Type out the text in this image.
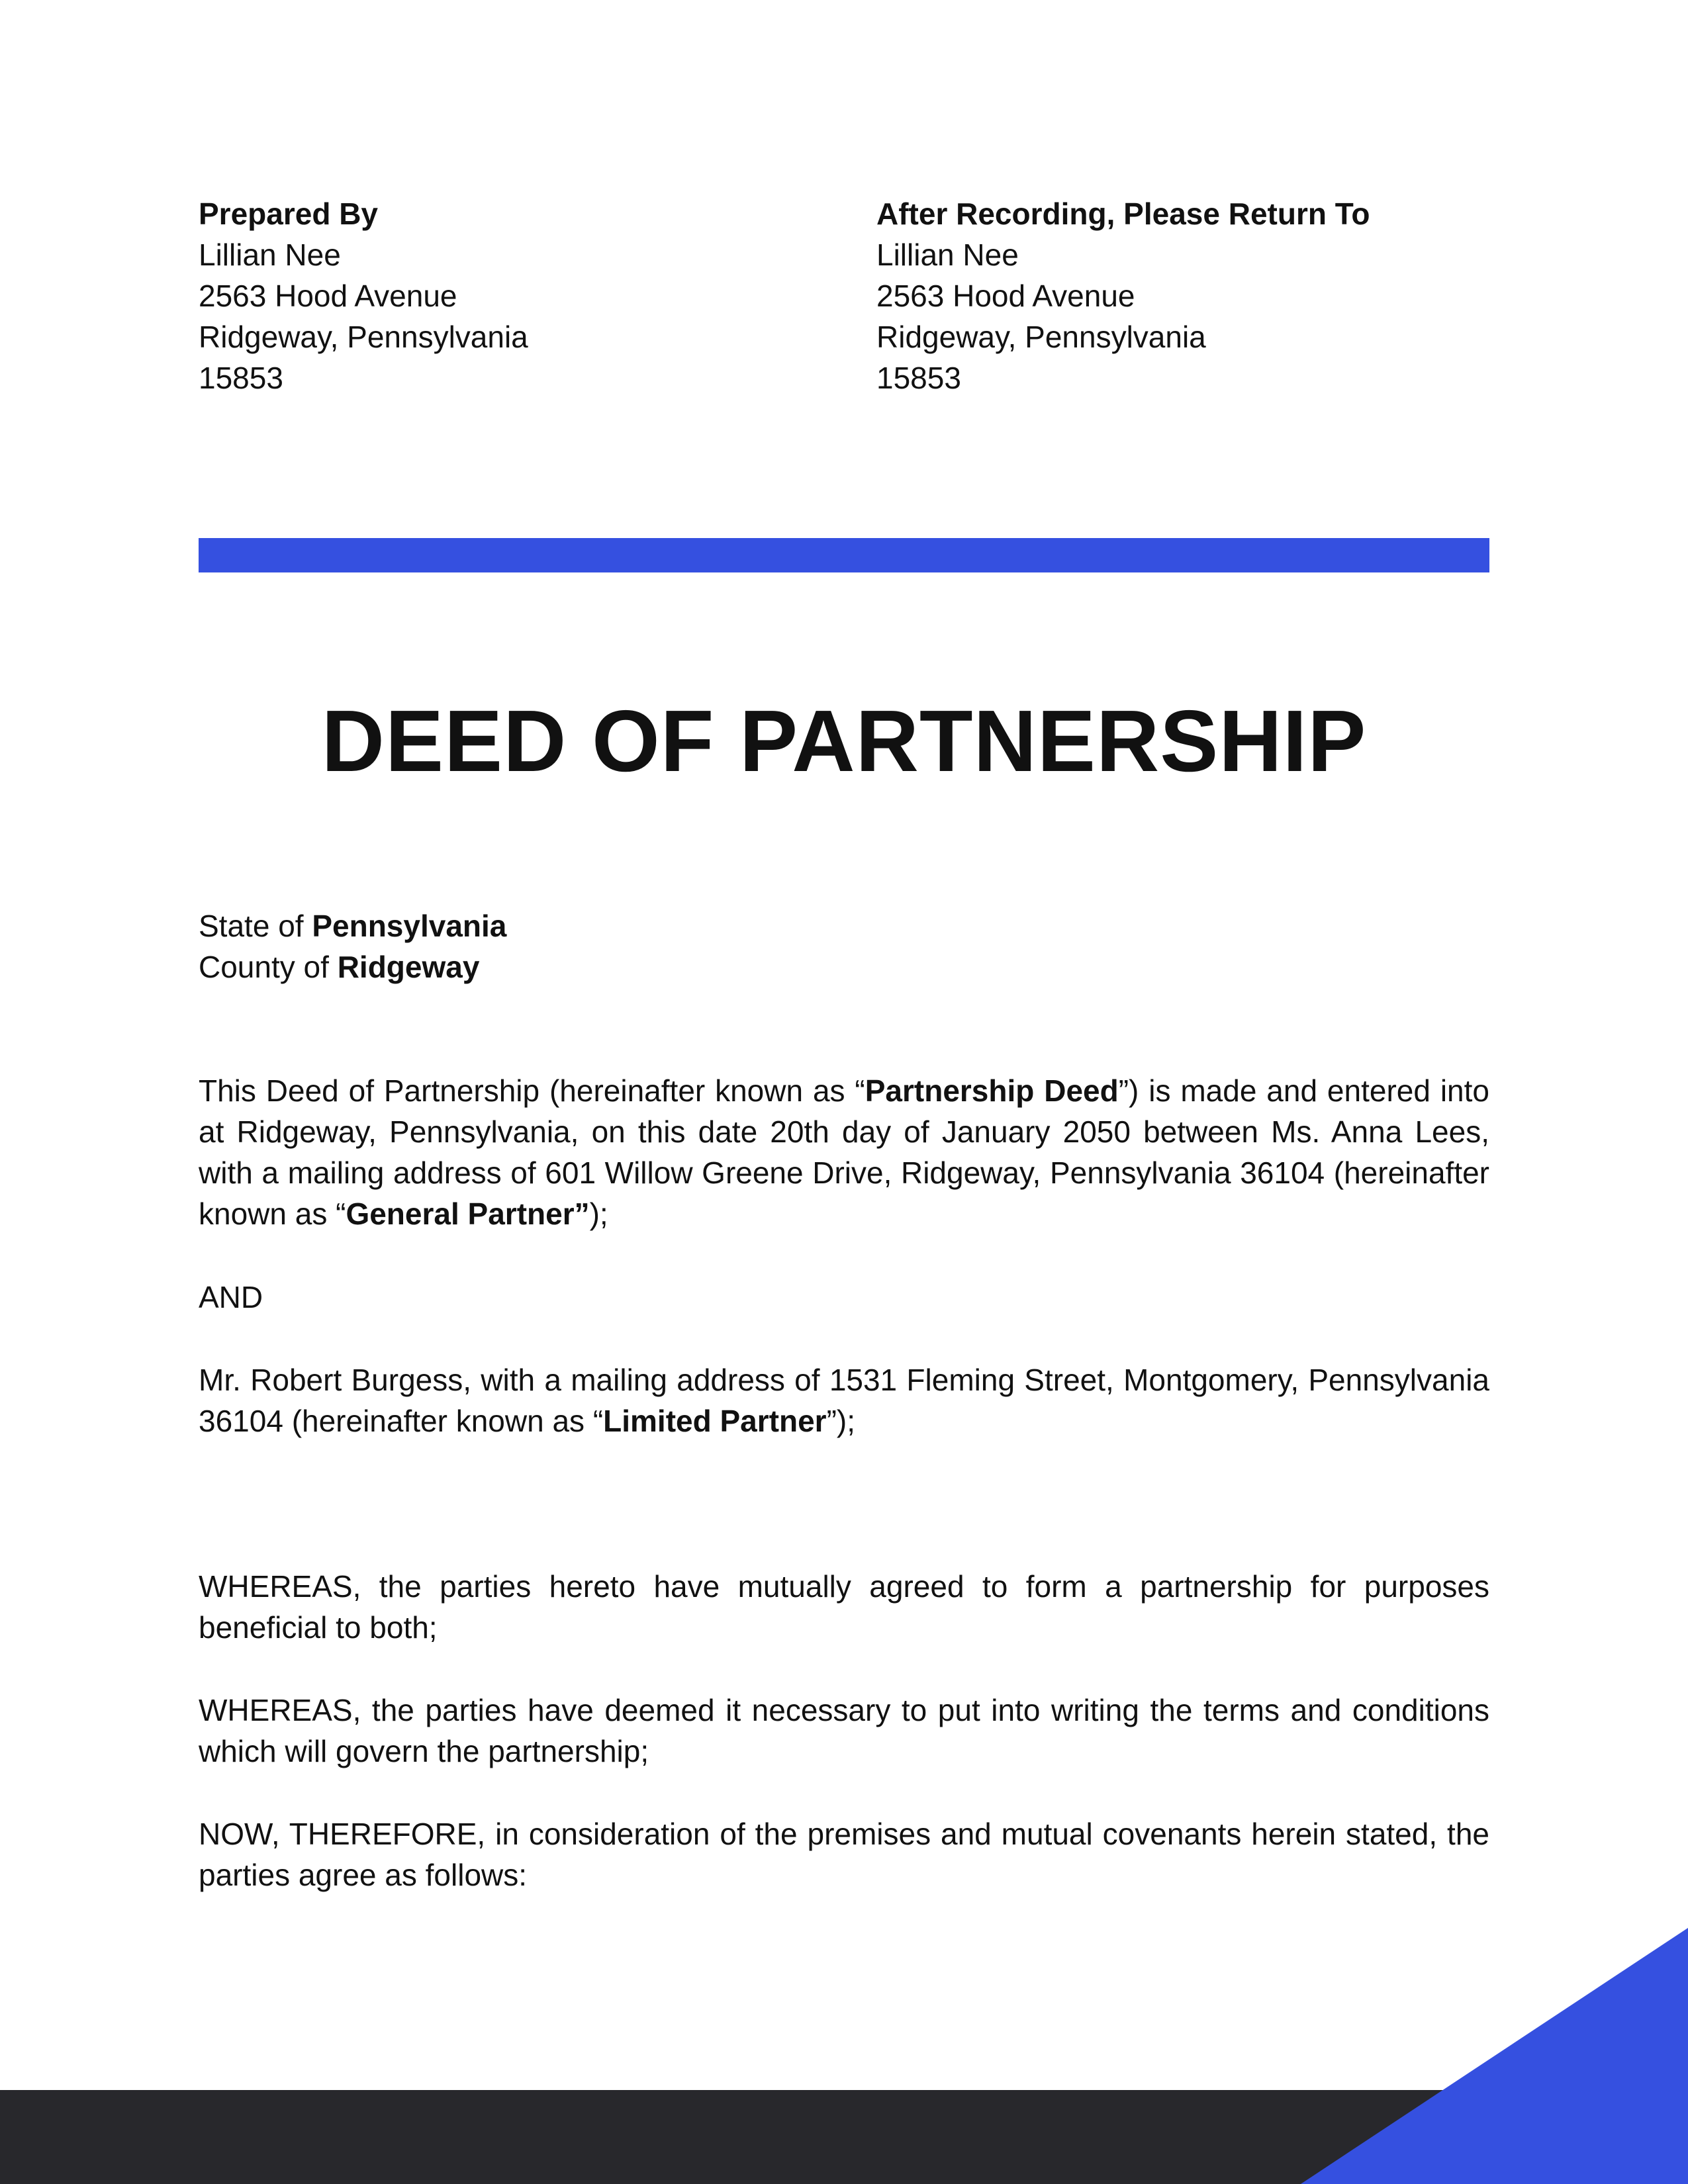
Prepared By
Lillian Nee
2563 Hood Avenue
Ridgeway, Pennsylvania
15853
After Recording, Please Return To
Lillian Nee
2563 Hood Avenue
Ridgeway, Pennsylvania
15853
DEED OF PARTNERSHIP
State of Pennsylvania
County of Ridgeway
This Deed of Partnership (hereinafter known as “Partnership Deed”) is made and entered into at Ridgeway, Pennsylvania, on this date 20th day of January 2050 between Ms. Anna Lees, with a mailing address of 601 Willow Greene Drive, Ridgeway, Pennsylvania 36104 (hereinafter known as “General Partner”);
AND
Mr. Robert Burgess, with a mailing address of 1531 Fleming Street, Montgomery, Pennsylvania 36104 (hereinafter known as “Limited Partner”);
WHEREAS, the parties hereto have mutually agreed to form a partnership for purposes beneficial to both;
WHEREAS, the parties have deemed it necessary to put into writing the terms and conditions which will govern the partnership;
NOW, THEREFORE, in consideration of the premises and mutual covenants herein stated, the parties agree as follows:
